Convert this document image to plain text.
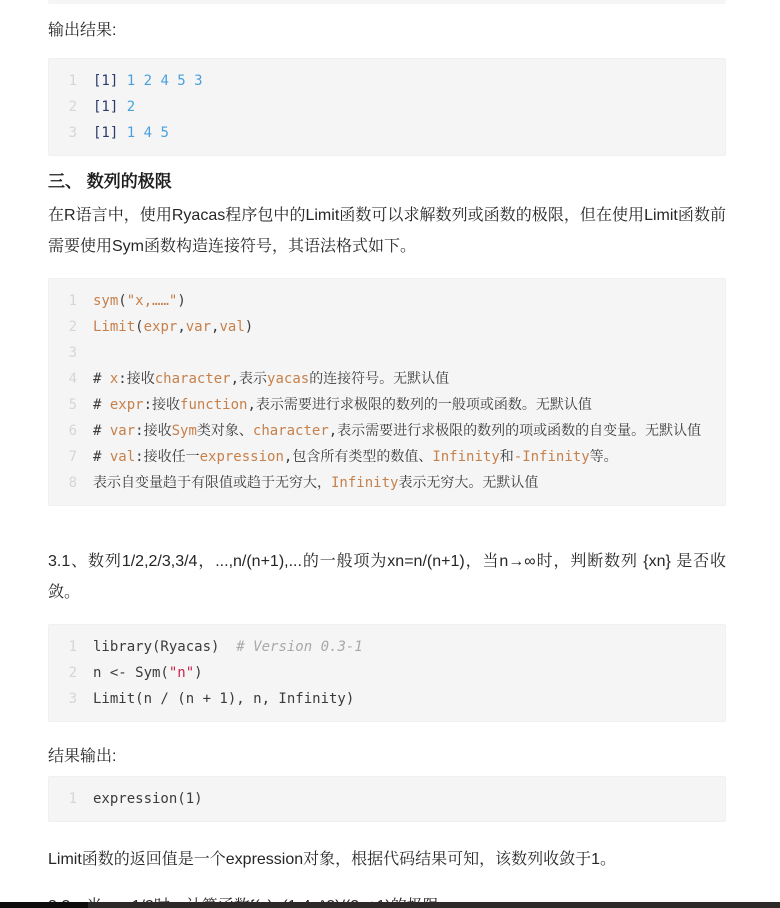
输出结果:
1 [1] 1 2 4 5 3
2 [1] 2
3 [1] 1 4 5
三、 数列的极限

在R语言中，使用Ryacas程序包中的Limit函数可以求解数列或函数的极限，但在使用Limit函数前需要使用Sym函数构造连接符号，其语法格式如下。

1 sym("x,……")
2 Limit(expr,var,val)
3
4 # x:接收character,表示yacas的连接符号。无默认值
5 # expr:接收function,表示需要进行求极限的数列的一般项或函数。无默认值
6 # var:接收Sym类对象、character,表示需要进行求极限的数列的项或函数的自变量。无默认值
7 # val:接收任一expression,包含所有类型的数值、Infinity和-Infinity等。
8 表示自变量趋于有限值或趋于无穷大，Infinity表示无穷大。无默认值

3.1、数列1/2,2/3,3/4，...,n/(n+1),...的一般项为xn=n/(n+1)，当n→∞时，判断数列 {xn} 是否收敛。

1 library(Ryacas)  # Version 0.3-1
2 n <- Sym("n")
3 Limit(n / (n + 1), n, Infinity)
结果输出:
1 expression(1)

Limit函数的返回值是一个expression对象，根据代码结果可知，该数列收敛于1。
